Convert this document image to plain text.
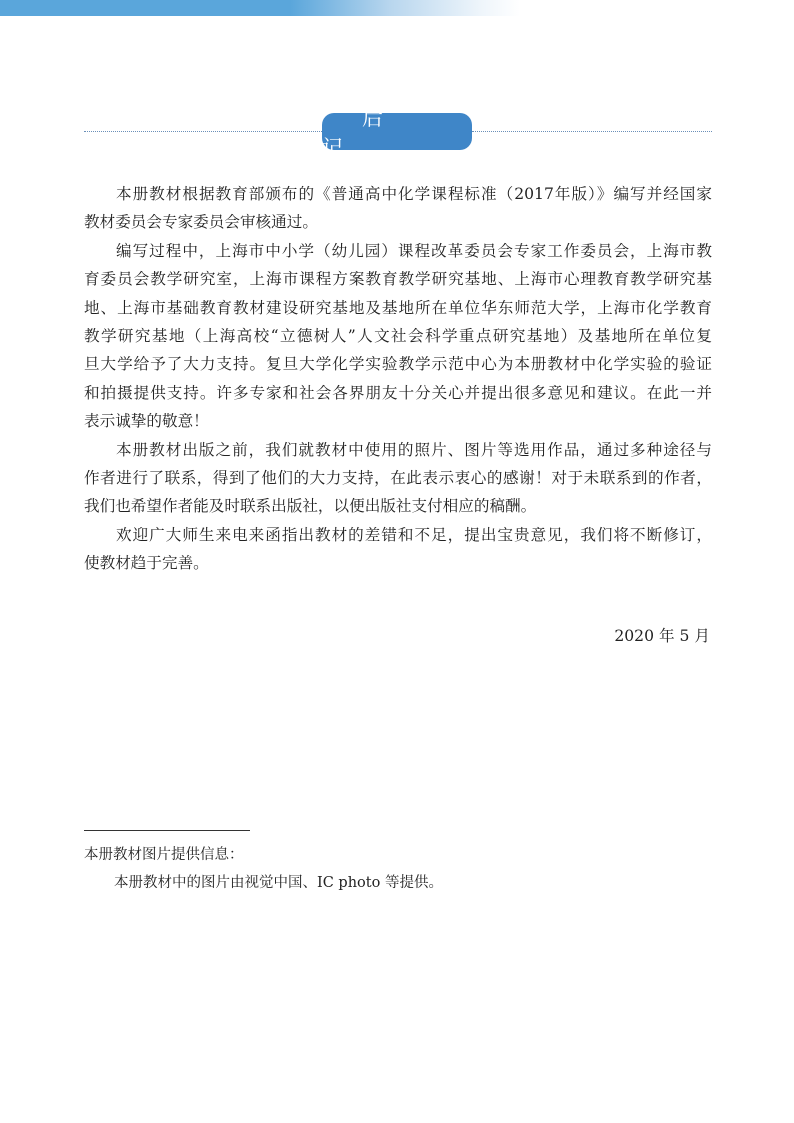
后记
本册教材根据教育部颁布的《普通高中化学课程标准（2017年版）》编写并经国家
教材委员会专家委员会审核通过。
编写过程中，上海市中小学（幼儿园）课程改革委员会专家工作委员会，上海市教
育委员会教学研究室，上海市课程方案教育教学研究基地、上海市心理教育教学研究基
地、上海市基础教育教材建设研究基地及基地所在单位华东师范大学，上海市化学教育
教学研究基地（上海高校“立德树人”人文社会科学重点研究基地）及基地所在单位复
旦大学给予了大力支持。复旦大学化学实验教学示范中心为本册教材中化学实验的验证
和拍摄提供支持。许多专家和社会各界朋友十分关心并提出很多意见和建议。在此一并
表示诚挚的敬意！
本册教材出版之前，我们就教材中使用的照片、图片等选用作品，通过多种途径与
作者进行了联系，得到了他们的大力支持，在此表示衷心的感谢！对于未联系到的作者，
我们也希望作者能及时联系出版社，以便出版社支付相应的稿酬。
欢迎广大师生来电来函指出教材的差错和不足，提出宝贵意见，我们将不断修订，
使教材趋于完善。
2020 年 5 月
本册教材图片提供信息：
本册教材中的图片由视觉中国、IC photo 等提供。
